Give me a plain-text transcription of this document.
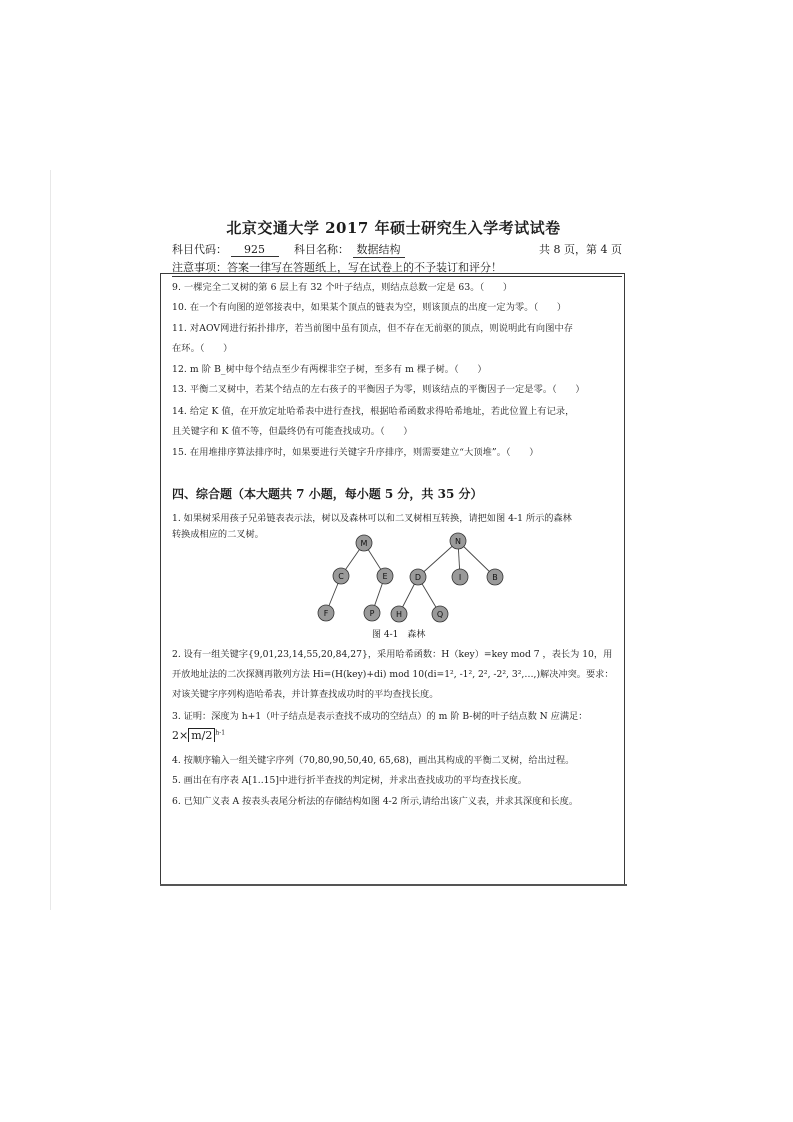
北京交通大学 2017 年硕士研究生入学考试试卷
科目代码： 925	科目名称： 数据结构	共 8 页，第 4 页
注意事项：答案一律写在答题纸上，写在试卷上的不予装订和评分！
9. 一棵完全二叉树的第 6 层上有 32 个叶子结点，则结点总数一定是 63。（　　）
10. 在一个有向图的逆邻接表中，如果某个顶点的链表为空，则该顶点的出度一定为零。（　　）
11. 对AOV网进行拓扑排序，若当前图中虽有顶点，但不存在无前驱的顶点，则说明此有向图中存
在环。（　　）
12. m 阶 B_树中每个结点至少有两棵非空子树，至多有 m 棵子树。（　　）
13. 平衡二叉树中，若某个结点的左右孩子的平衡因子为零，则该结点的平衡因子一定是零。（　　）
14. 给定 K 值，在开放定址哈希表中进行查找，根据哈希函数求得哈希地址，若此位置上有记录，
且关键字和 K 值不等，但最终仍有可能查找成功。（　　）
15. 在用堆排序算法排序时，如果要进行关键字升序排序，则需要建立“大顶堆”。（　　）
四、综合题（本大题共 7 小题，每小题 5 分，共 35 分）
1. 如果树采用孩子兄弟链表表示法，树以及森林可以和二叉树相互转换，请把如图 4-1 所示的森林
转换成相应的二叉树。
M
C	E
F	P
N
D	I	B
H	Q
图 4-1　森林
2. 设有一组关键字{9,01,23,14,55,20,84,27}，采用哈希函数：H（key）=key mod 7 ，表长为 10，用
开放地址法的二次探测再散列方法 Hi=(H(key)+di) mod 10(di=1², -1², 2², -2², 3²,…,)解决冲突。要求：
对该关键字序列构造哈希表，并计算查找成功时的平均查找长度。
3. 证明：深度为 h+1（叶子结点是表示查找不成功的空结点）的 m 阶 B-树的叶子结点数 N 应满足：
2× m/2 $^{h-1}$
4. 按顺序输入一组关键字序列（70,80,90,50,40, 65,68)，画出其构成的平衡二叉树，给出过程。
5. 画出在有序表 A[1..15]中进行折半查找的判定树，并求出查找成功的平均查找长度。
6. 已知广义表 A 按表头表尾分析法的存储结构如图 4-2 所示,请给出该广义表，并求其深度和长度。
